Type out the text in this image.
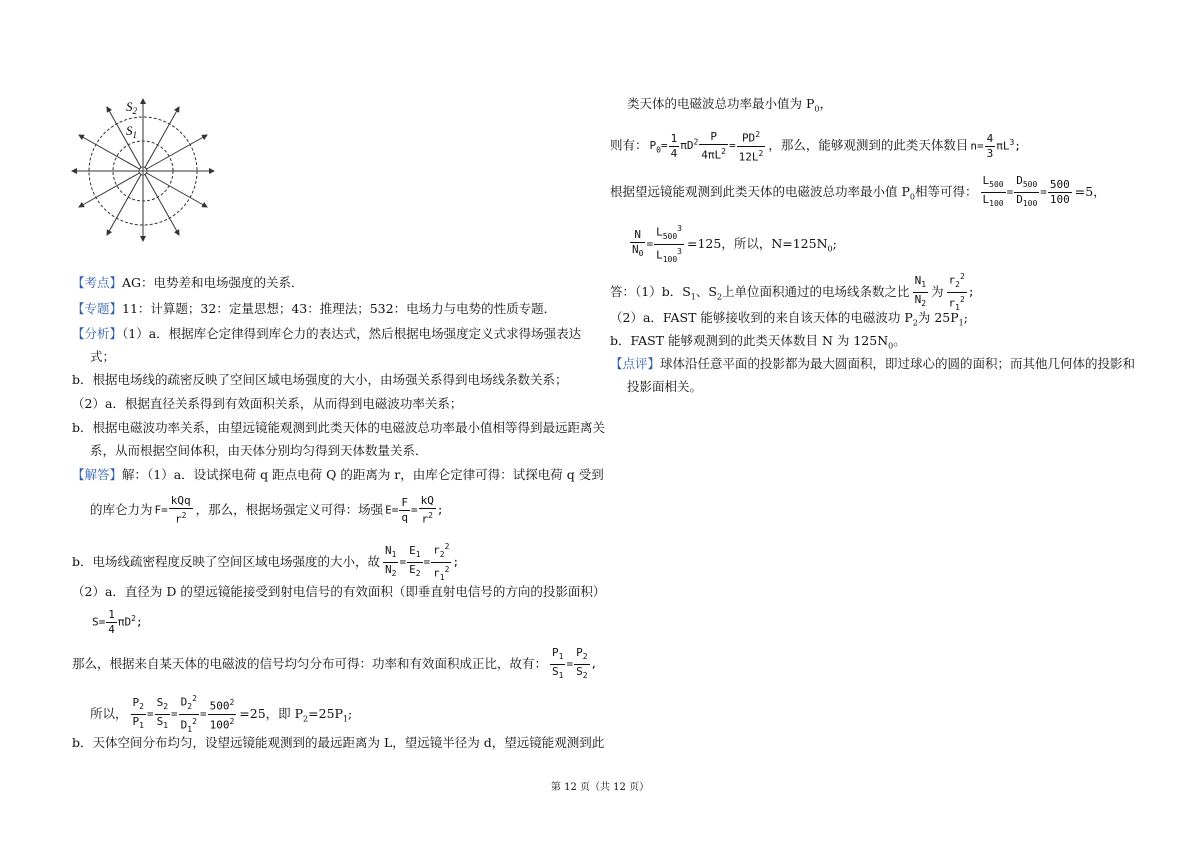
$S_2$
$S_1$
【考点】AG：电势差和电场强度的关系．
【专题】11：计算题；32：定量思想；43：推理法；532：电场力与电势的性质专题．
【分析】（1）a．根据库仑定律得到库仑力的表达式，然后根据电场强度定义式求得场强表达
式；
b．根据电场线的疏密反映了空间区域电场强度的大小，由场强关系得到电场线条数关系；
（2）a．根据直径关系得到有效面积关系，从而得到电磁波功率关系；
b．根据电磁波功率关系，由望远镜能观测到此类天体的电磁波总功率最小值相等得到最远距离关
系，从而根据空间体积，由天体分别均匀得到天体数量关系．
【解答】解：（1）a．设试探电荷 q 距点电荷 Q 的距离为 r，由库仑定律可得：试探电荷 q 受到
的库仑力为 $F= \frac{\text{kQq}}{r^2}$ ，那么，根据场强定义可得：场强 $E= \frac{F}{q} = \frac{kQ}{r^2}$ ;
b．电场线疏密程度反映了空间区域电场强度的大小，故 $\frac{N_1}{N_2} = \frac{E_1}{E_2} = \frac{r_2^2}{r_1^2}$ ;
（2）a．直径为 D 的望远镜能接受到射电信号的有效面积（即垂直射电信号的方向的投影面积）
$S= \frac{1}{4} \pi D^2$;
那么，根据来自某天体的电磁波的信号均匀分布可得：功率和有效面积成正比，故有： $\frac{P_1}{S_1} = \frac{P_2}{S_2}$ ,
所以， $\frac{P_2}{P_1} = \frac{S_2}{S_1} = \frac{D_2^2}{D_1^2} = \frac{500^2}{100^2} =25$，即 $P_2=25P_1$;
b．天体空间分布均匀，设望远镜能观测到的最远距离为 L，望远镜半径为 d，望远镜能观测到此
类天体的电磁波总功率最小值为 $P_0$，
则有： $P_0= \frac{1}{4} \pi D^2 \frac{P}{4\pi L^2} = \frac{PD^2}{12L^2}$ ，那么，能够观测到的此类天体数目 $n= \frac{4}{3} \pi L^3$;
根据望远镜能观测到此类天体的电磁波总功率最小值 $P_0$相等可得： $\frac{L_{500}}{L_{100}} = \frac{D_{500}}{D_{100}} = \frac{500}{100} =5$，
$\frac{N}{N_0} = \frac{L_{500}^3}{L_{100}^3} =125$，所以，$N=125N_0$;
答：（1）b．$S_1$、$S_2$上单位面积通过的电场线条数之比 $\frac{N_1}{N_2}$ 为 $\frac{r_2^2}{r_1^2}$ ;
（2）a．FAST 能够接收到的来自该天体的电磁波功 $P_2$为 $25P_1$;
b．FAST 能够观测到的此类天体数目 N 为 $125N_0$。
【点评】球体沿任意平面的投影都为最大圆面积，即过球心的圆的面积；而其他几何体的投影和
投影面相关。
第 12 页（共 12 页）
